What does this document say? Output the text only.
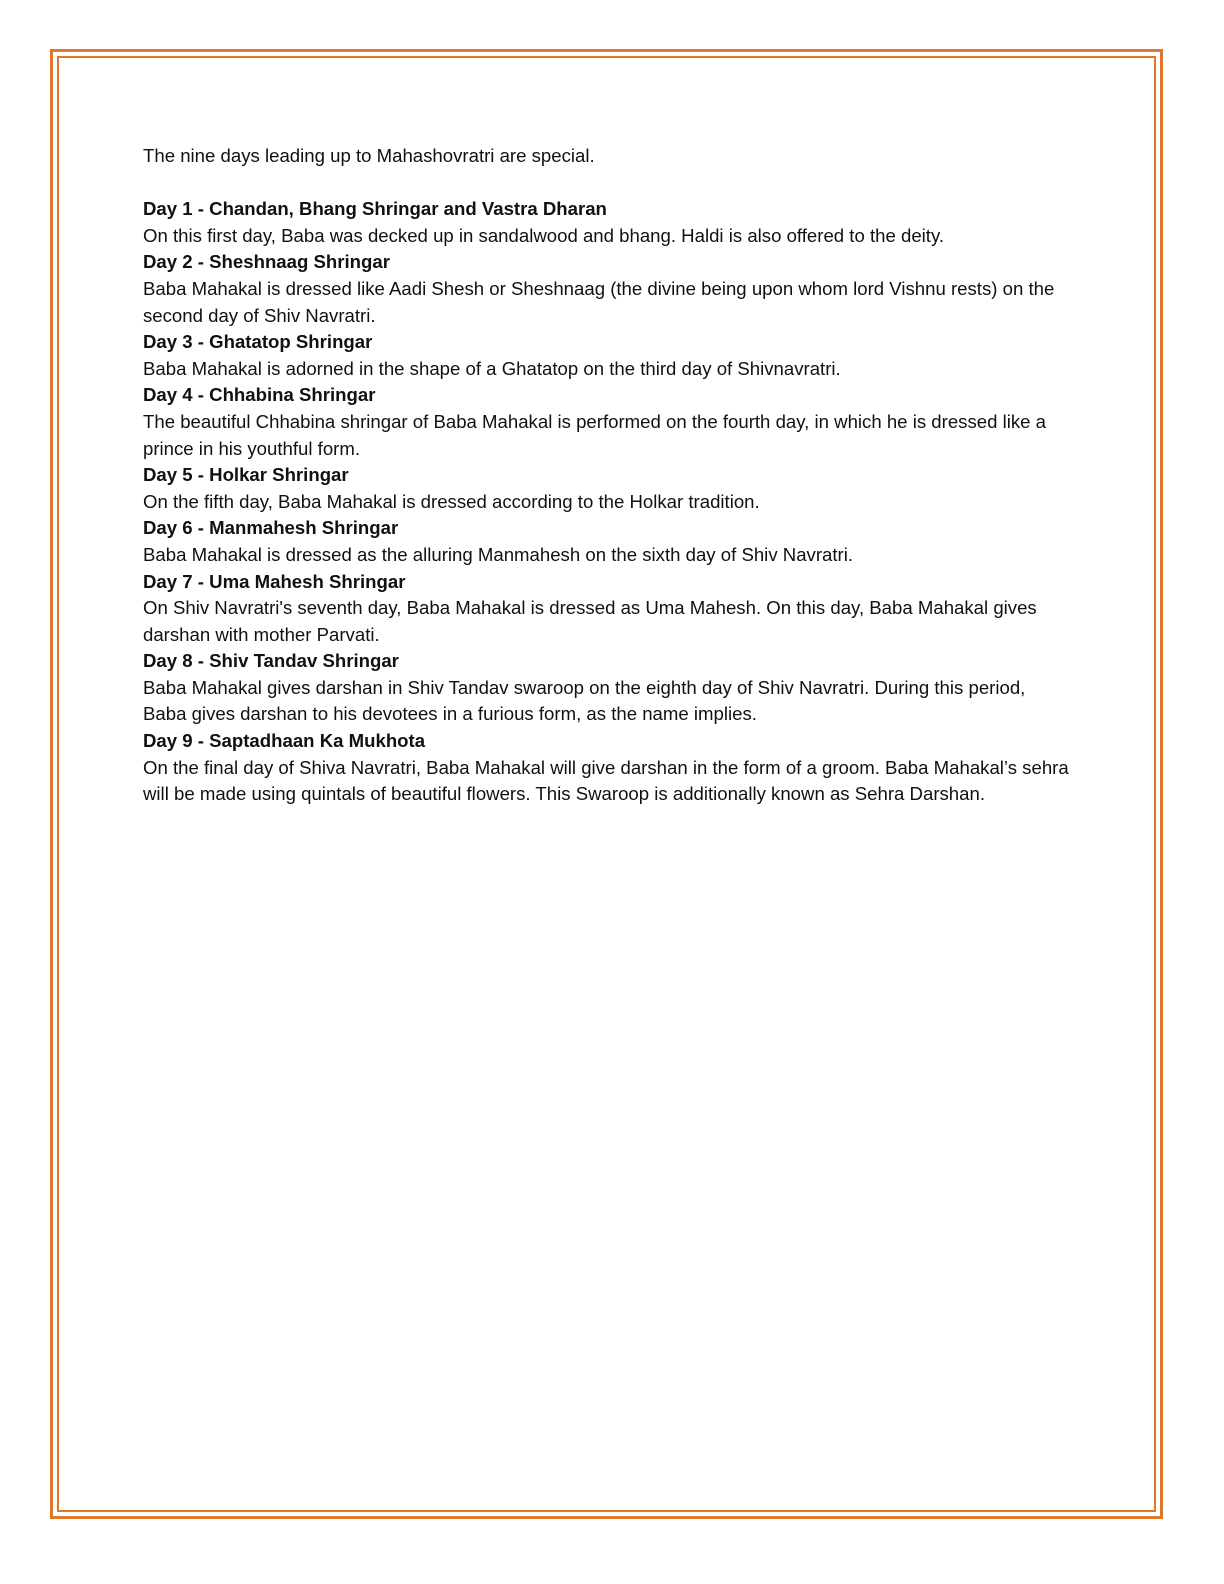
The nine days leading up to Mahashovratri are special.

Day 1 - Chandan, Bhang Shringar and Vastra Dharan

On this first day, Baba was decked up in sandalwood and bhang. Haldi is also offered to the deity.

Day 2 - Sheshnaag Shringar

Baba Mahakal is dressed like Aadi Shesh or Sheshnaag (the divine being upon whom lord Vishnu rests) on the second day of Shiv Navratri.

Day 3 - Ghatatop Shringar

Baba Mahakal is adorned in the shape of a Ghatatop on the third day of Shivnavratri.

Day 4 - Chhabina Shringar

The beautiful Chhabina shringar of Baba Mahakal is performed on the fourth day, in which he is dressed like a prince in his youthful form.

Day 5 - Holkar Shringar

On the fifth day, Baba Mahakal is dressed according to the Holkar tradition.

Day 6 - Manmahesh Shringar

Baba Mahakal is dressed as the alluring Manmahesh on the sixth day of Shiv Navratri.

Day 7 - Uma Mahesh Shringar

On Shiv Navratri's seventh day, Baba Mahakal is dressed as Uma Mahesh. On this day, Baba Mahakal gives darshan with mother Parvati.

Day 8 - Shiv Tandav Shringar

Baba Mahakal gives darshan in Shiv Tandav swaroop on the eighth day of Shiv Navratri. During this period, Baba gives darshan to his devotees in a furious form, as the name implies.

Day 9 - Saptadhaan Ka Mukhota

On the final day of Shiva Navratri, Baba Mahakal will give darshan in the form of a groom. Baba Mahakal’s sehra will be made using quintals of beautiful flowers. This Swaroop is additionally known as Sehra Darshan.
